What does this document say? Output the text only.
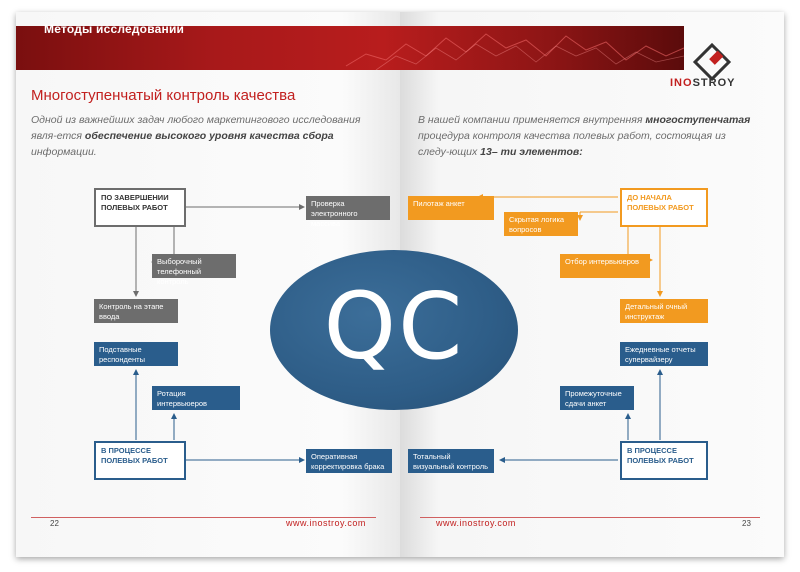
Методы исследований
INOSTROY
Многоступенчатый контроль качества
Одной из важнейших задач любого маркетингового исследования явля-ется обеспечение высокого уровня качества сбора информации.
В нашей компании применяется внутренняя многоступенчатая процедура контроля качества полевых работ, состоящая из следу-ющих 13– ти элементов:
QC
ПО ЗАВЕРШЕНИИ ПОЛЕВЫХ РАБОТ	Проверка электронного массива
Выборочный телефонный контроль
Контроль на этапе ввода
Подставные респонденты
Ротация интервьюеров
В ПРОЦЕССЕ ПОЛЕВЫХ РАБОТ	Оперативная корректировка брака
Пилотаж анкет
Скрытая логика вопросов
ДО НАЧАЛА ПОЛЕВЫХ РАБОТ
Отбор интервьюеров
Детальный очный инструктаж
Ежедневные отчеты супервайзеру
Промежуточные сдачи анкет
Тотальный визуальный контроль
В ПРОЦЕССЕ ПОЛЕВЫХ РАБОТ
22	23
www.inostroy.com	www.inostroy.com
